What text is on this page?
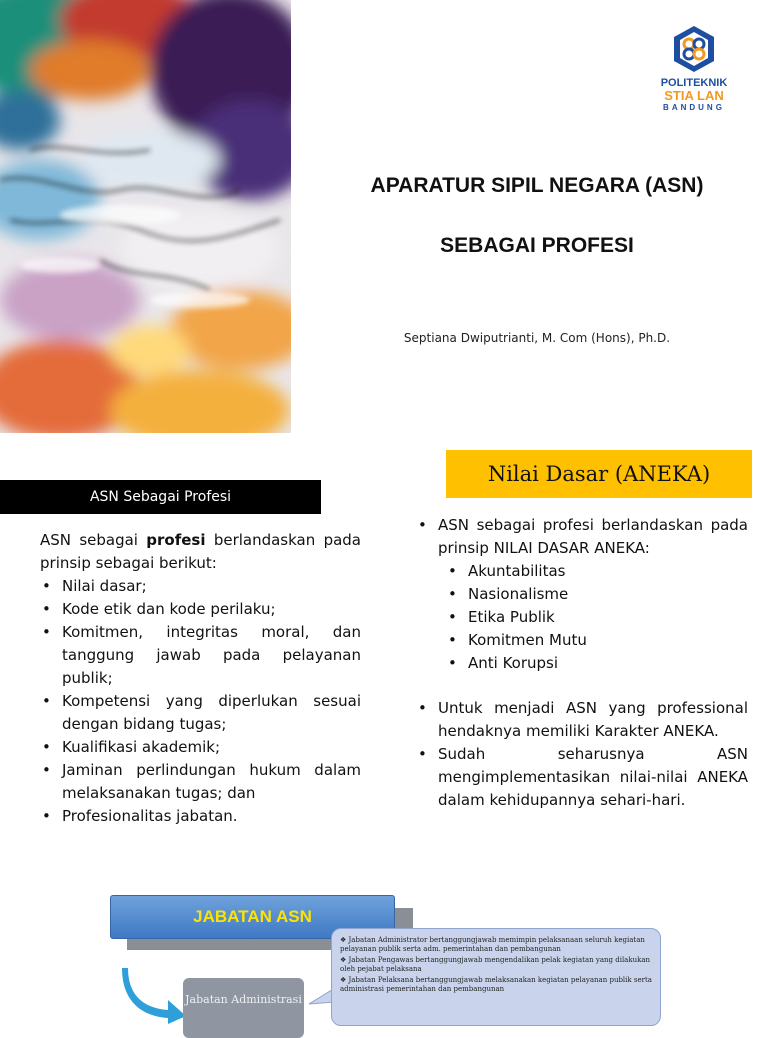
POLITEKNIK
STIA LAN
BANDUNG
APARATUR SIPIL NEGARA (ASN)
SEBAGAI PROFESI
Septiana Dwiputrianti, M. Com (Hons), Ph.D.
ASN Sebagai Profesi
ASN sebagai profesi berlandaskan pada prinsip sebagai berikut:
• Nilai dasar;
• Kode etik dan kode perilaku;
• Komitmen, integritas moral, dan tanggung jawab pada pelayanan publik;
• Kompetensi yang diperlukan sesuai dengan bidang tugas;
• Kualifikasi akademik;
• Jaminan perlindungan hukum dalam melaksanakan tugas; dan
• Profesionalitas jabatan.
Nilai Dasar (ANEKA)
• ASN sebagai profesi berlandaskan pada prinsip NILAI DASAR ANEKA:
• Akuntabilitas
• Nasionalisme
• Etika Publik
• Komitmen Mutu
• Anti Korupsi
• Untuk menjadi ASN yang professional hendaknya memiliki Karakter ANEKA.
• Sudah seharusnya ASN mengimplementasikan nilai-nilai ANEKA dalam kehidupannya sehari-hari.
JABATAN ASN
Jabatan Administrasi

❖ Jabatan Administrator bertanggungjawab memimpin pelaksanaan seluruh kegiatan pelayanan publik serta adm. pemerintahan dan pembangunan

❖ Jabatan Pengawas bertanggungjawab mengendalikan pelak kegiatan yang dilakukan oleh pejabat pelaksana

❖ Jabatan Pelaksana bertanggungjawab melaksanakan kegiatan pelayanan publik serta administrasi pemerintahan dan pembangunan
